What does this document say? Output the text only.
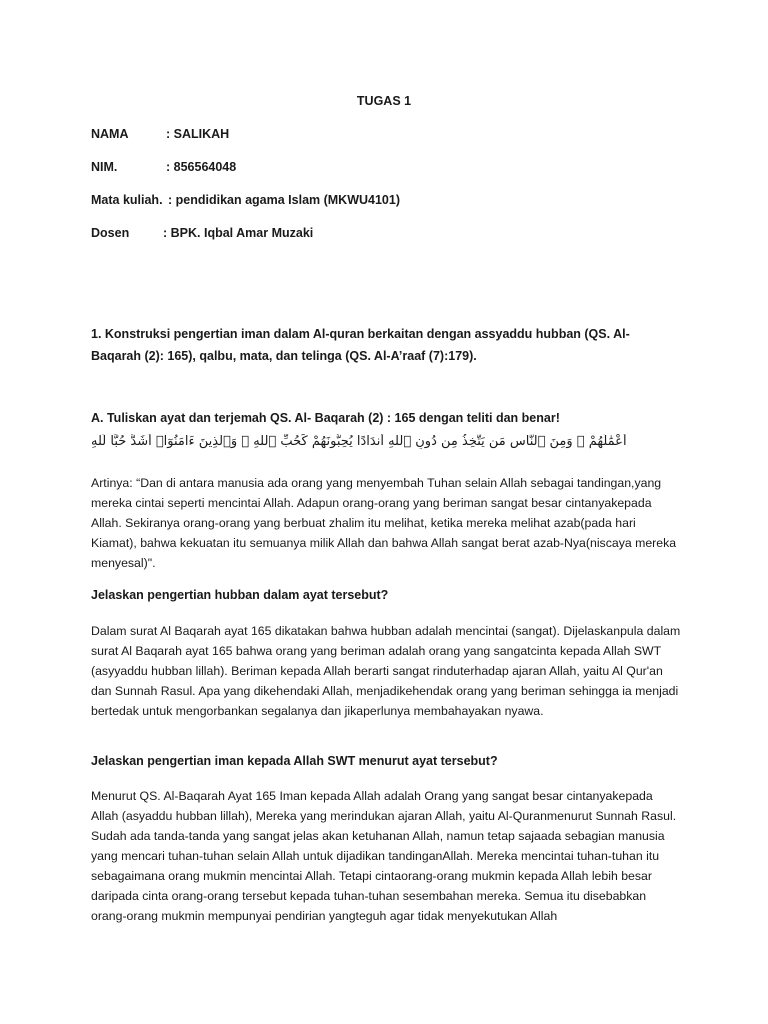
TUGAS 1
NAMA	: SALIKAH
NIM.	: 856564048
Mata kuliah. : pendidikan agama Islam (MKWU4101)
Dosen	: BPK. Iqbal Amar Muzaki
1. Konstruksi pengertian iman dalam Al-quran berkaitan dengan assyaddu hubban (QS. Al-Baqarah (2): 165), qalbu, mata, dan telinga (QS. Al-A’raaf (7):179).
A. Tuliskan ayat dan terjemah QS. Al- Baqarah (2) : 165 dengan teliti dan benar!
أَعْمَٰلَهُمْ ۚ وَمِنَ ٱلنَّاسِ مَن يَتَّخِذُ مِن دُونِ ٱللَّهِ أَندَادًا يُحِبُّونَهُمْ كَحُبِّ ٱللَّهِ ۖ وَٱلَّذِينَ ءَامَنُوٓا۟ أَشَدُّ حُبًّا لِّلَّهِ
Artinya: “Dan di antara manusia ada orang yang menyembah Tuhan selain Allah sebagai tandingan,yang mereka cintai seperti mencintai Allah. Adapun orang-orang yang beriman sangat besar cintanyakepada Allah. Sekiranya orang-orang yang berbuat zhalim itu melihat, ketika mereka melihat azab(pada hari Kiamat), bahwa kekuatan itu semuanya milik Allah dan bahwa Allah sangat berat azab-Nya(niscaya mereka menyesal)".
Jelaskan pengertian hubban dalam ayat tersebut?
Dalam surat Al Baqarah ayat 165 dikatakan bahwa hubban adalah mencintai (sangat). Dijelaskanpula dalam surat Al Baqarah ayat 165 bahwa orang yang beriman adalah orang yang sangatcinta kepada Allah SWT (asyyaddu hubban lillah). Beriman kepada Allah berarti sangat rinduterhadap ajaran Allah, yaitu Al Qur'an dan Sunnah Rasul. Apa yang dikehendaki Allah, menjadikehendak orang yang beriman sehingga ia menjadi bertedak untuk mengorbankan segalanya dan jikaperlunya membahayakan nyawa.
Jelaskan pengertian iman kepada Allah SWT menurut ayat tersebut?
Menurut QS. Al-Baqarah Ayat 165 Iman kepada Allah adalah Orang yang sangat besar cintanyakepada Allah (asyaddu hubban lillah), Mereka yang merindukan ajaran Allah, yaitu Al-Quranmenurut Sunnah Rasul. Sudah ada tanda-tanda yang sangat jelas akan ketuhanan Allah, namun tetap sajaada sebagian manusia yang mencari tuhan-tuhan selain Allah untuk dijadikan tandinganAllah. Mereka mencintai tuhan-tuhan itu sebagaimana orang mukmin mencintai Allah. Tetapi cintaorang-orang mukmin kepada Allah lebih besar daripada cinta orang-orang tersebut kepada tuhan-tuhan sesembahan mereka. Semua itu disebabkan orang-orang mukmin mempunyai pendirian yangteguh agar tidak menyekutukan Allah
